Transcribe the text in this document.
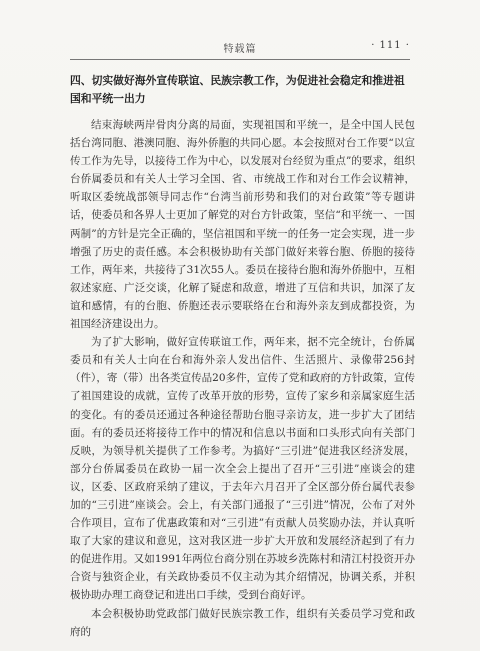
特载篇	· 111 ·

四、切实做好海外宣传联谊、民族宗教工作，为促进社会稳定和推进祖国和平统一出力

结束海峡两岸骨肉分离的局面，实现祖国和平统一，是全中国人民包括台湾同胞、港澳同胞、海外侨胞的共同心愿。本会按照对台工作要“以宣传工作为先导，以接待工作为中心，以发展对台经贸为重点”的要求，组织台侨属委员和有关人士学习全国、省、市统战工作和对台工作会议精神，听取区委统战部领导同志作“台湾当前形势和我们的对台政策”等专题讲话，使委员和各界人士更加了解党的对台方针政策，坚信“和平统一、一国两制”的方针是完全正确的，坚信祖国和平统一的任务一定会实现，进一步增强了历史的责任感。本会积极协助有关部门做好来蓉台胞、侨胞的接待工作，两年来，共接待了31次55人。委员在接待台胞和海外侨胞中，互相叙述家庭、广泛交谈，化解了疑虑和敌意，增进了互信和共识，加深了友谊和感情，有的台胞、侨胞还表示要联络在台和海外亲友到成都投资，为祖国经济建设出力。

为了扩大影响，做好宣传联谊工作，两年来，据不完全统计，台侨属委员和有关人士向在台和海外亲人发出信件、生活照片、录像带256封（件），寄（带）出各类宣传品20多件，宣传了党和政府的方针政策，宣传了祖国建设的成就，宣传了改革开放的形势，宣传了家乡和亲属家庭生活的变化。有的委员还通过各种途径帮助台胞寻亲访友，进一步扩大了团结面。有的委员还将接待工作中的情况和信息以书面和口头形式向有关部门反映，为领导机关提供了工作参考。为搞好“三引进”促进我区经济发展，部分台侨属委员在政协一届一次全会上提出了召开“三引进”座谈会的建议，区委、区政府采纳了建议，于去年六月召开了全区部分侨台属代表参加的“三引进”座谈会。会上，有关部门通报了“三引进”情况，公布了对外合作项目，宣布了优惠政策和对“三引进”有贡献人员奖励办法，并认真听取了大家的建议和意见，这对我区进一步扩大开放和发展经济起到了有力的促进作用。又如1991年两位台商分别在苏坡乡洗陈村和清江村投资开办合资与独资企业，有关政协委员不仅主动为其介绍情况，协调关系，并积极协助办理工商登记和进出口手续，受到台商好评。

本会积极协助党政部门做好民族宗教工作，组织有关委员学习党和政府的
